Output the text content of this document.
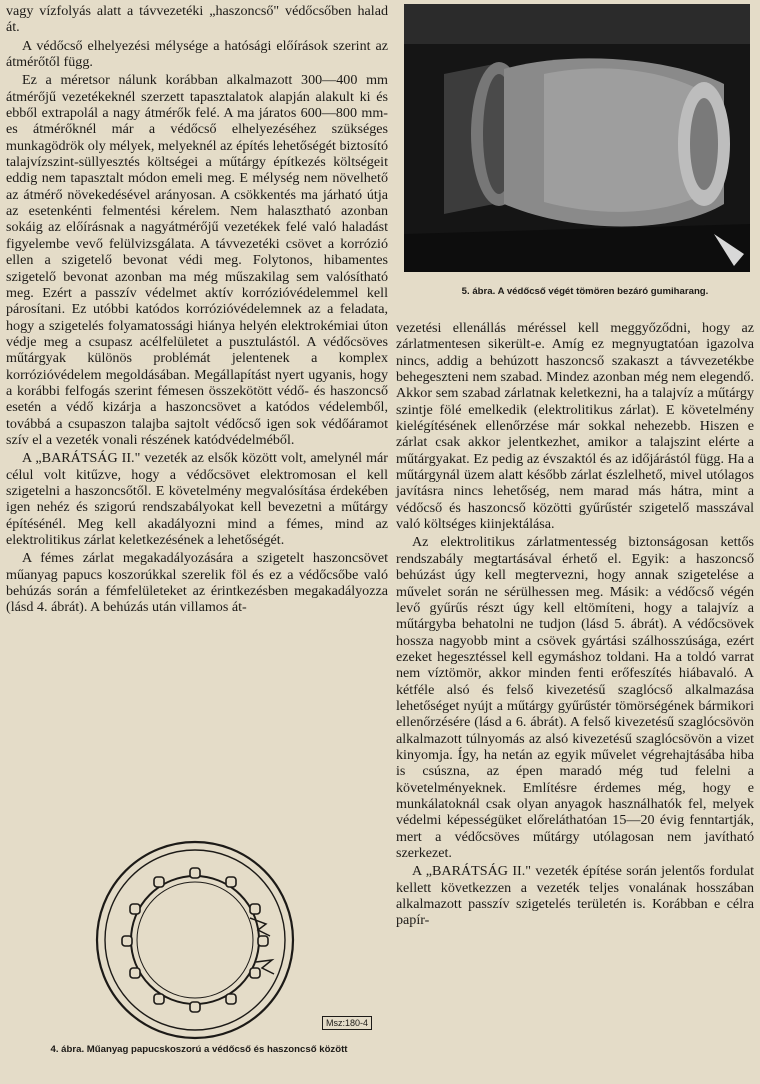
vagy vízfolyás alatt a távvezetéki „haszoncső" védőcsőben halad át.

A védőcső elhelyezési mélysége a hatósági előírások szerint az átmérőtől függ.

Ez a méretsor nálunk korábban alkalmazott 300—400 mm átmérőjű vezetékeknél szerzett tapasztalatok alapján alakult ki és ebből extrapolál a nagy átmérők felé. A ma járatos 600—800 mm-es átmérőknél már a védőcső elhelyezéséhez szükséges munkagödrök oly mélyek, melyeknél az építés lehetőségét biztosító talajvízszint-süllyesztés költségei a műtárgy építkezés költségeit eddig nem tapasztalt módon emeli meg. E mélység nem növelhető az átmérő növekedésével arányosan. A csökkentés ma járható útja az esetenkénti felmentési kérelem. Nem halasztható azonban sokáig az előírásnak a nagyátmérőjű vezetékek felé való haladást figyelembe vevő felülvizsgálata. A távvezetéki csövet a korrózió ellen a szigetelő bevonat védi meg. Folytonos, hibamentes szigetelő bevonat azonban ma még műszakilag sem valósítható meg. Ezért a passzív védelmet aktív korrózióvédelemmel kell párosítani. Ez utóbbi katódos korrózióvédelemnek az a feladata, hogy a szigetelés folyamatossági hiánya helyén elektrokémiai úton védje meg a csupasz acélfelületet a pusztulástól. A védőcsöves műtárgyak különös problémát jelentenek a komplex korrózióvédelem megoldásában. Megállapítást nyert ugyanis, hogy a korábbi felfogás szerint fémesen összekötött védő- és haszoncső esetén a védő kizárja a haszoncsövet a katódos védelemből, továbbá a csupaszon talajba sajtolt védőcső igen sok védőáramot szív el a vezeték vonali részének katódvédelméből.

A „BARÁTSÁG II." vezeték az elsők között volt, amelynél már célul volt kitűzve, hogy a védőcsövet elektromosan el kell szigetelni a haszoncsőtől. E követelmény megvalósítása érdekében igen nehéz és szigorú rendszabályokat kell bevezetni a műtárgy építésénél. Meg kell akadályozni mind a fémes, mind az elektrolitikus zárlat keletkezésének a lehetőségét.

A fémes zárlat megakadályozására a szigetelt haszoncsövet műanyag papucs koszorúkkal szerelik föl és ez a védőcsőbe való behúzás során a fémfelületeket az érintkezésben megakadályozza (lásd 4. ábrát). A behúzás után villamos át-

5. ábra. A védőcső végét tömören bezáró gumiharang.

vezetési ellenállás méréssel kell meggyőződni, hogy az zárlatmentesen sikerült-e. Amíg ez megnyugtatóan igazolva nincs, addig a behúzott haszoncső szakaszt a távvezetékbe behegeszteni nem szabad. Mindez azonban még nem elegendő. Akkor sem szabad zárlatnak keletkezni, ha a talajvíz a műtárgy szintje fölé emelkedik (elektrolitikus zárlat). E követelmény kielégítésének ellenőrzése már sokkal nehezebb. Hiszen e zárlat csak akkor jelentkezhet, amikor a talajszint elérte a műtárgyakat. Ez pedig az évszaktól és az időjárástól függ. Ha a műtárgynál üzem alatt később zárlat észlelhető, mivel utólagos javításra nincs lehetőség, nem marad más hátra, mint a védőcső és haszoncső közötti gyűrűstér szigetelő masszával való költséges kiinjektálása.

Az elektrolitikus zárlatmentesség biztonságosan kettős rendszabály megtartásával érhető el. Egyik: a haszoncső behúzást úgy kell megtervezni, hogy annak szigetelése a művelet során ne sérülhessen meg. Másik: a védőcső végén levő gyűrűs részt úgy kell eltömíteni, hogy a talajvíz a műtárgyba behatolni ne tudjon (lásd 5. ábrát). A védőcsövek hossza nagyobb mint a csövek gyártási szálhosszúsága, ezért ezeket hegesztéssel kell egymáshoz toldani. Ha a toldó varrat nem víztömör, akkor minden fenti erőfeszítés hiábavaló. A kétféle alsó és felső kivezetésű szaglócső alkalmazása lehetőséget nyújt a műtárgy gyűrűstér tömörségének bármikori ellenőrzésére (lásd a 6. ábrát). A felső kivezetésű szaglócsövön alkalmazott túlnyomás az alsó kivezetésű szaglócsövön a vizet kinyomja. Így, ha netán az egyik művelet végrehajtásába hiba is csúszna, az épen maradó még tud felelni a követelményeknek. Említésre érdemes még, hogy e munkálatoknál csak olyan anyagok használhatók fel, melyek védelmi képességüket előreláthatóan 15—20 évig fenntartják, mert a védőcsöves műtárgy utólagosan nem javítható szerkezet.

A „BARÁTSÁG II." vezeték építése során jelentős fordulat kellett következzen a vezeték teljes vonalának hosszában alkalmazott passzív szigetelés területén is. Korábban e célra papír-

Msz:180-4
4. ábra. Műanyag papucskoszorú a védőcső és haszoncső között
